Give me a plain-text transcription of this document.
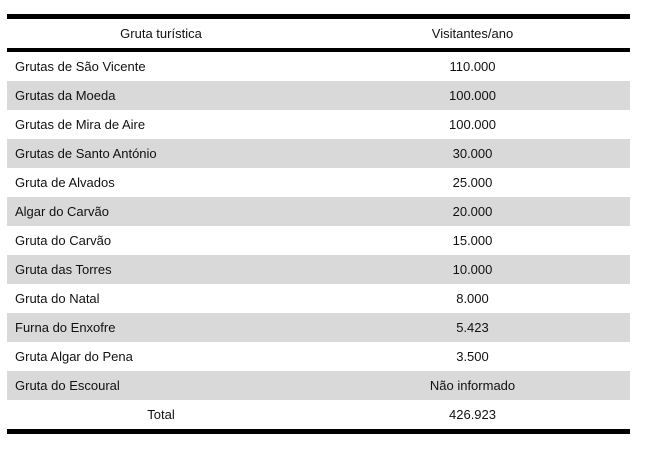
Gruta turística	Visitantes/ano
Grutas de São Vicente	110.000
Grutas da Moeda	100.000
Grutas de Mira de Aire	100.000
Grutas de Santo António	30.000
Gruta de Alvados	25.000
Algar do Carvão	20.000
Gruta do Carvão	15.000
Gruta das Torres	10.000
Gruta do Natal	8.000
Furna do Enxofre	5.423
Gruta Algar do Pena	3.500
Gruta do Escoural	Não informado
Total	426.923
